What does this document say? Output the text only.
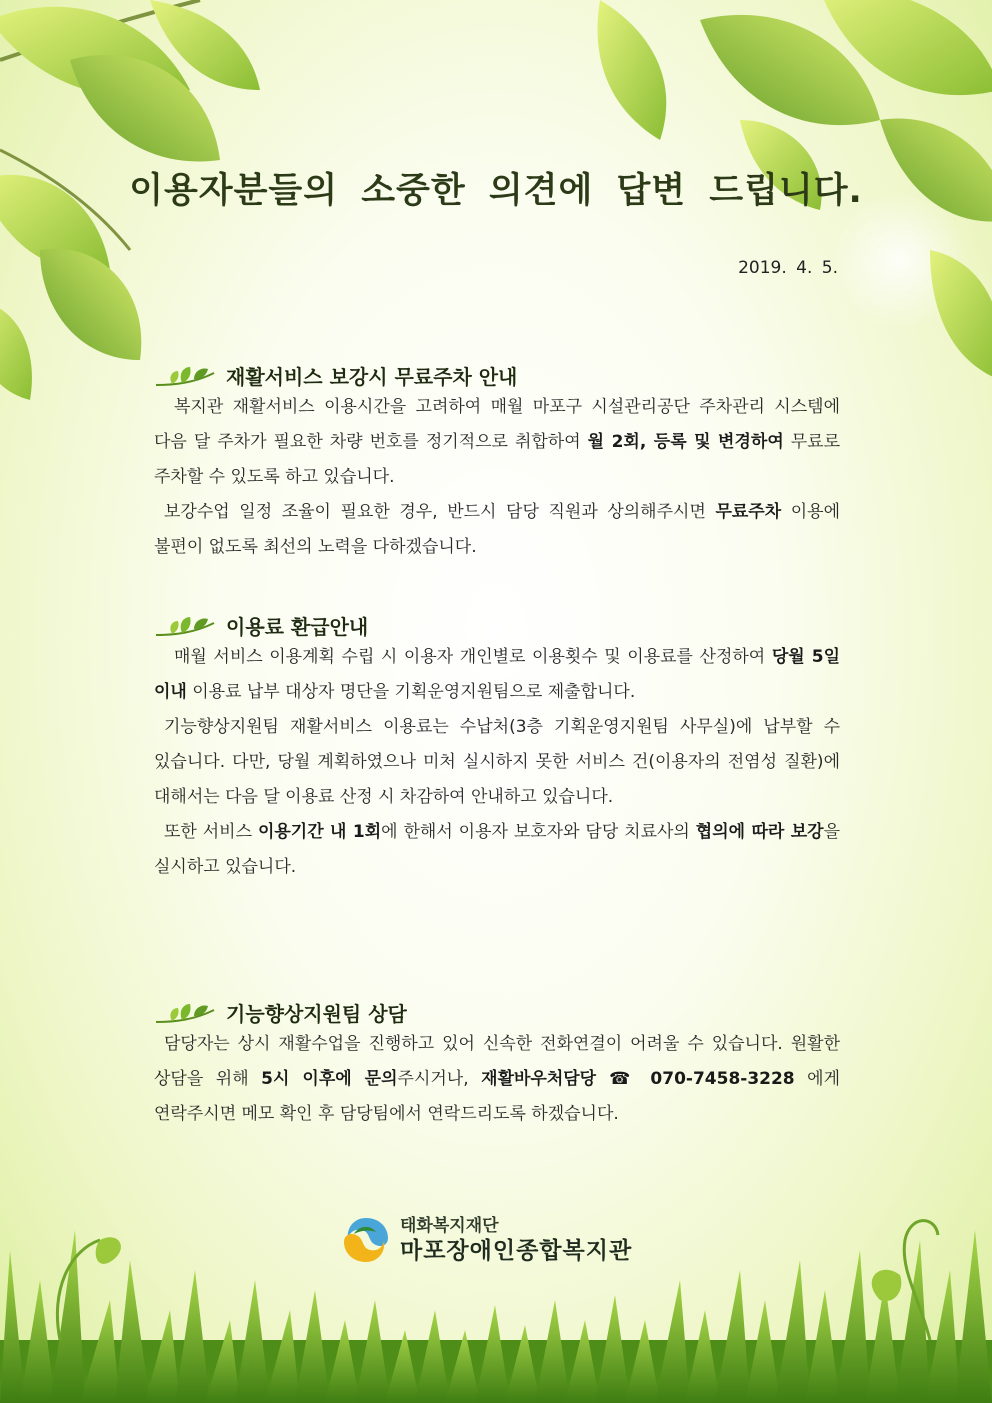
이용자분들의 소중한 의견에 답변 드립니다.
2019. 4. 5.
재활서비스 보강시 무료주차 안내

복지관 재활서비스 이용시간을 고려하여 매월 마포구 시설관리공단 주차관리 시스템에 다음 달 주차가 필요한 차량 번호를 정기적으로 취합하여 월 2회, 등록 및 변경하여 무료로 주차할 수 있도록 하고 있습니다.

보강수업 일정 조율이 필요한 경우, 반드시 담당 직원과 상의해주시면 무료주차 이용에 불편이 없도록 최선의 노력을 다하겠습니다.

이용료 환급안내

매월 서비스 이용계획 수립 시 이용자 개인별로 이용횟수 및 이용료를 산정하여 당월 5일 이내 이용료 납부 대상자 명단을 기획운영지원팀으로 제출합니다.

기능향상지원팀 재활서비스 이용료는 수납처(3층 기획운영지원팀 사무실)에 납부할 수 있습니다. 다만, 당월 계획하였으나 미처 실시하지 못한 서비스 건(이용자의 전염성 질환)에 대해서는 다음 달 이용료 산정 시 차감하여 안내하고 있습니다.

또한 서비스 이용기간 내 1회에 한해서 이용자 보호자와 담당 치료사의 협의에 따라 보강을 실시하고 있습니다.

기능향상지원팀 상담

담당자는 상시 재활수업을 진행하고 있어 신속한 전화연결이 어려울 수 있습니다. 원활한 상담을 위해 5시 이후에 문의주시거나, 재활바우처담당 ☎ 070-7458-3228 에게 연락주시면 메모 확인 후 담당팀에서 연락드리도록 하겠습니다.

태화복지재단
마포장애인종합복지관
